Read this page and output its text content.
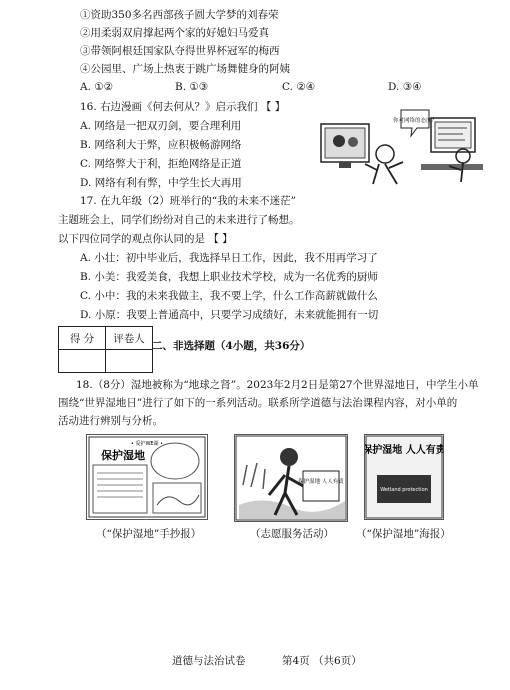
①资助350多名西部孩子圆大学梦的刘春荣
②用柔弱双肩撑起两个家的好媳妇马爱真
③带领阿根廷国家队夺得世界杯冠军的梅西
④公园里、广场上热衷于跳广场舞健身的阿姨
A. ①②	B. ①③	C. ②④	D. ③④
16. 右边漫画《何去何从？》启示我们 【 】
A. 网络是一把双刃剑，要合理利用
B. 网络利大于弊，应积极畅游网络
C. 网络弊大于利，拒绝网络是正道
D. 网络有利有弊，中学生长大再用
你对网络的态度？
17. 在九年级（2）班举行的“我的未来不迷茫”
主题班会上，同学们纷纷对自己的未来进行了畅想。
以下四位同学的观点你认同的是 【 】
A. 小壮：初中毕业后，我选择早日工作，因此，我不用再学习了
B. 小美：我爱美食，我想上职业技术学校，成为一名优秀的厨师
C. 小中：我的未来我做主，我不要上学，什么工作高薪就做什么
D. 小原：我要上普通高中，只要学习成绩好，未来就能拥有一切
得 分	评卷人

二、非选择题（4小题，共36分）
18.（8分）湿地被称为“地球之肾”。2023年2月2日是第27个世界湿地日，中学生小单
围绕“世界湿地日”进行了如下的一系列活动。联系所学道德与法治课程内容，对小单的
活动进行辨别与分析。
• 爱护WE湖 •
保护湿地
保护湿地 人人有责
保护湿地 人人有责
Wetland protection
（“保护湿地”手抄报）	（志愿服务活动） （“保护湿地”海报）
道德与法治试卷	第4页 （共6页）
